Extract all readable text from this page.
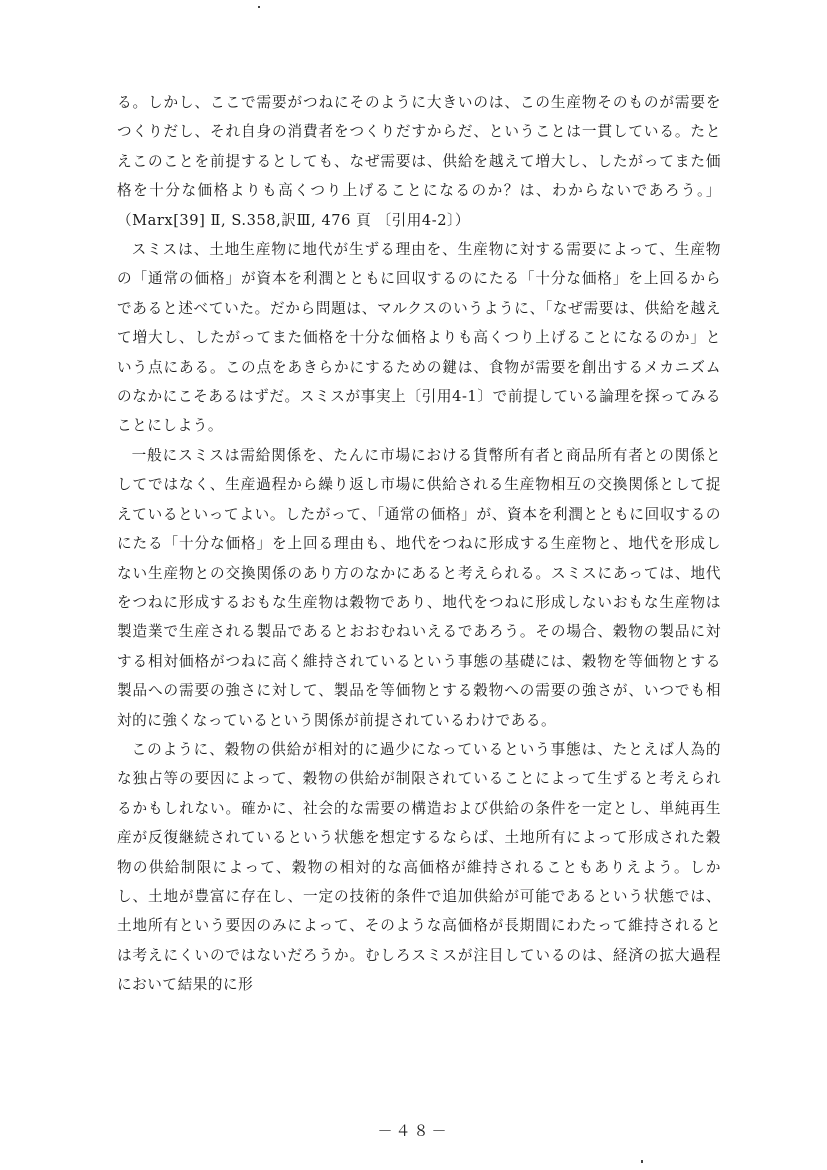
る。しかし、ここで需要がつねにそのように大きいのは、この生産物そのものが需要をつくりだし、それ自身の消費者をつくりだすからだ、ということは一貫している。たとえこのことを前提するとしても、なぜ需要は、供給を越えて増大し、したがってまた価格を十分な価格よりも高くつり上げることになるのか？は、わからないであろう。」（Marx[39] Ⅱ, S.358,訳Ⅲ, 476 頁 〔引用4-2〕）

スミスは、土地生産物に地代が生ずる理由を、生産物に対する需要によって、生産物の「通常の価格」が資本を利潤とともに回収するのにたる「十分な価格」を上回るからであると述べていた。だから問題は、マルクスのいうように、「なぜ需要は、供給を越えて増大し、したがってまた価格を十分な価格よりも高くつり上げることになるのか」という点にある。この点をあきらかにするための鍵は、食物が需要を創出するメカニズムのなかにこそあるはずだ。スミスが事実上〔引用4-1〕で前提している論理を探ってみることにしよう。

一般にスミスは需給関係を、たんに市場における貨幣所有者と商品所有者との関係としてではなく、生産過程から繰り返し市場に供給される生産物相互の交換関係として捉えているといってよい。したがって、「通常の価格」が、資本を利潤とともに回収するのにたる「十分な価格」を上回る理由も、地代をつねに形成する生産物と、地代を形成しない生産物との交換関係のあり方のなかにあると考えられる。スミスにあっては、地代をつねに形成するおもな生産物は穀物であり、地代をつねに形成しないおもな生産物は製造業で生産される製品であるとおおむねいえるであろう。その場合、穀物の製品に対する相対価格がつねに高く維持されているという事態の基礎には、穀物を等価物とする製品への需要の強さに対して、製品を等価物とする穀物への需要の強さが、いつでも相対的に強くなっているという関係が前提されているわけである。

このように、穀物の供給が相対的に過少になっているという事態は、たとえば人為的な独占等の要因によって、穀物の供給が制限されていることによって生ずると考えられるかもしれない。確かに、社会的な需要の構造および供給の条件を一定とし、単純再生産が反復継続されているという状態を想定するならば、土地所有によって形成された穀物の供給制限によって、穀物の相対的な高価格が維持されることもありえよう。しかし、土地が豊富に存在し、一定の技術的条件で追加供給が可能であるという状態では、土地所有という要因のみによって、そのような高価格が長期間にわたって維持されるとは考えにくいのではないだろうか。むしろスミスが注目しているのは、経済の拡大過程において結果的に形

－４８－
